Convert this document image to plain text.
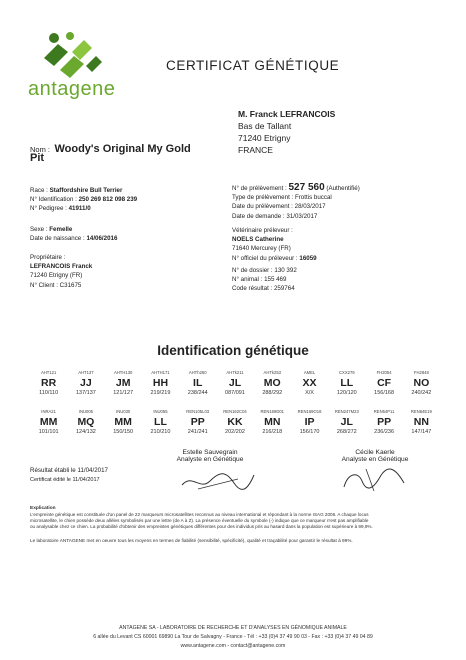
antagene
CERTIFICAT GÉNÉTIQUE
M. Franck LEFRANCOIS
Bas de Tallant
71240 Etrigny
FRANCE
Nom : Woody's Original My Gold
Pit
Race : Staffordshire Bull Terrier
N° Identification : 250 269 812 098 239
N° Pedigree : 41911/0
Sexe : Femelle
Date de naissance : 14/06/2016
Propriétaire :
LEFRANCOIS Franck
71240 Etrigny (FR)
N° Client : C31675
N° de prélèvement : 527 560 (Authentifié)
Type de prélèvement : Frottis buccal
Date du prélèvement : 28/03/2017
Date de demande : 31/03/2017
Vétérinaire préleveur :
NOELS Catherine
71640 Mercurey (FR)
N° officiel du préleveur : 16059
N° de dossier : 130 392
N° animal : 155 469
Code résultat : 259764
Identification génétique
AHT121
RR
110/110
AHT137
JJ
137/137
AHTH130
JM
121/127
AHTH171
HH
219/219
AHTh260
IL
238/244
AHTk211
JL
087/091
AHTk253
MO
288/292
AMEL
XX
X/X
CXX279
LL
120/120
FH2054
CF
156/168
FH2848
NO
240/242
INRA21
MM
101/101
INU005
MQ
124/132
INU030
MM
150/150
INU055
LL
210/210
REN105L03
PP
241/241
REN162C04
KK
202/202
REN169D01
MN
216/218
REN169O18
IP
156/170
REN247M23
JL
268/272
REN54P11
PP
236/236
REN64E19
NN
147/147
Estelle Sauvegrain
Analyste en Génétique
Cécile Kaerle
Analyste en Génétique
Résultat établi le 11/04/2017
Certificat édité le 11/04/2017
Explication
L'empreinte génétique est constituée d'un panel de 22 marqueurs microsatellites reconnus au niveau international et répondant à la norme ISAG 2006. A chaque locus
microsatellite, le chien possède deux allèles symbolisés par une lettre (de A à Z). La présence éventuelle du symbole (-) indique que ce marqueur n'est pas amplifiable
ou analysable chez ce chien. La probabilité d'obtenir des empreintes génétiques différentes pour des individus pris au hasard dans la population est supérieure à 99,9%.
Le laboratoire ANTAGENE met en oeuvre tous les moyens en termes de fiabilité (sensibilité, spécificité), qualité et traçabilité pour garantir le résultat à 99%.
ANTAGENE SA - LABORATOIRE DE RECHERCHE ET D'ANALYSES EN GÉNOMIQUE ANIMALE
6 allée du Levant CS 60001 69890 La Tour de Salvagny - France - Tél : +33 (0)4 37 49 90 03 - Fax : +33 (0)4 37 49 04 89
www.antagene.com - contact@antagene.com
